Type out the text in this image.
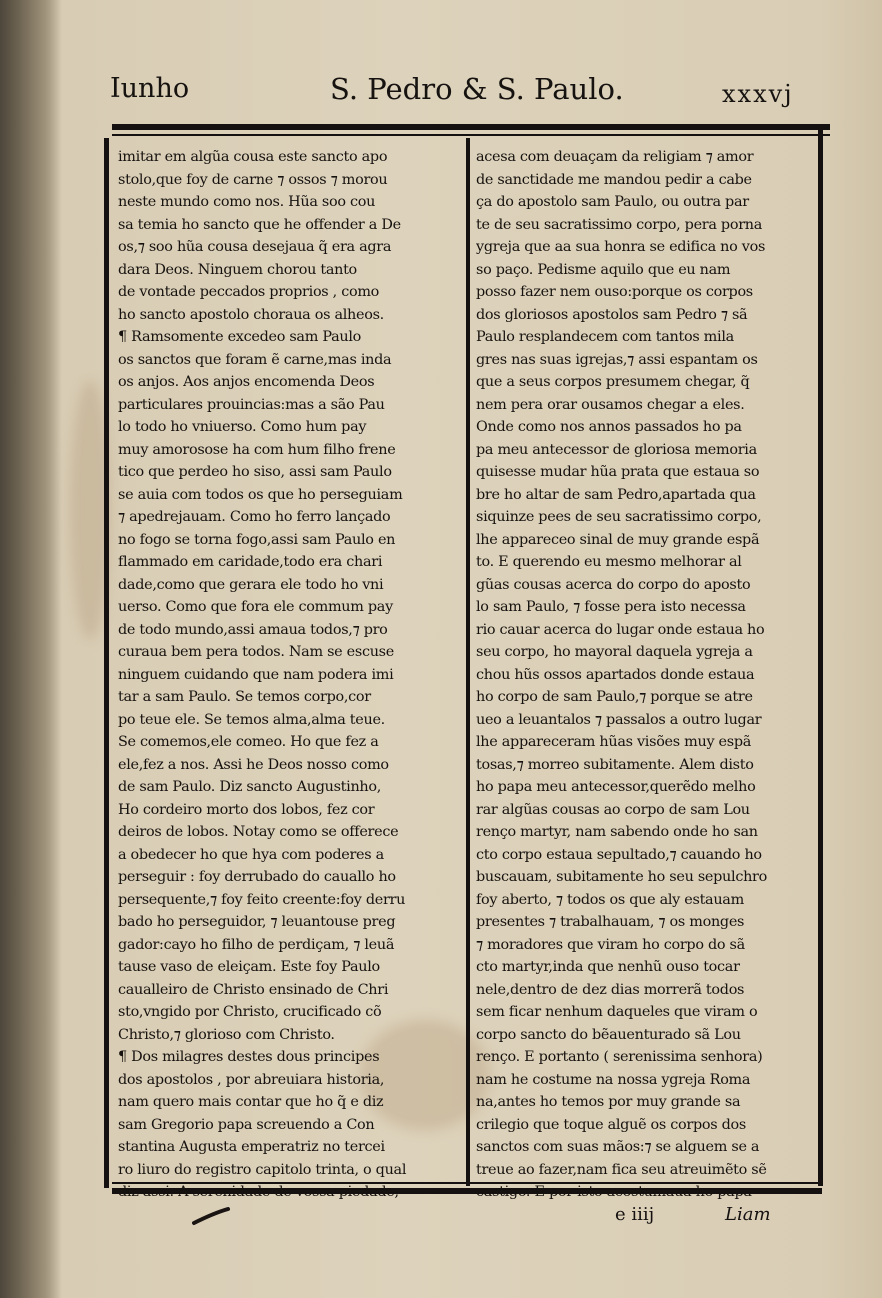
Iunho	S. Pedro & S. Paulo.	xxxvj
imitar em algũa cousa este sancto apo
stolo,que foy de carne ⁊ ossos ⁊ morou
neste mundo como nos. Hũa soo cou
sa temia ho sancto que he offender a De
os,⁊ soo hũa cousa desejaua q̃ era agra
dara Deos. Ninguem chorou tanto
de vontade peccados proprios , como
ho sancto apostolo choraua os alheos.
¶ Ramsomente excedeo sam Paulo
os sanctos que foram ẽ carne,mas inda
os anjos. Aos anjos encomenda Deos
particulares prouincias:mas a são Pau
lo todo ho vniuerso. Como hum pay
muy amorosose ha com hum filho frene
tico que perdeo ho siso, assi sam Paulo
se auia com todos os que ho perseguiam
⁊ apedrejauam. Como ho ferro lançado
no fogo se torna fogo,assi sam Paulo en
flammado em caridade,todo era chari
dade,como que gerara ele todo ho vni
uerso. Como que fora ele commum pay
de todo mundo,assi amaua todos,⁊ pro
curaua bem pera todos. Nam se escuse
ninguem cuidando que nam podera imi
tar a sam Paulo. Se temos corpo,cor
po teue ele. Se temos alma,alma teue.
Se comemos,ele comeo. Ho que fez a
ele,fez a nos. Assi he Deos nosso como
de sam Paulo. Diz sancto Augustinho,
Ho cordeiro morto dos lobos, fez cor
deiros de lobos. Notay como se offerece
a obedecer ho que hya com poderes a
perseguir : foy derrubado do cauallo ho
persequente,⁊ foy feito creente:foy derru
bado ho perseguidor, ⁊ leuantouse preg
gador:cayo ho filho de perdiçam, ⁊ leuã
tause vaso de eleiçam. Este foy Paulo
caualleiro de Christo ensinado de Chri
sto,vngido por Christo, crucificado cõ
Christo,⁊ glorioso com Christo.
¶ Dos milagres destes dous principes
dos apostolos , por abreuiara historia,
nam quero mais contar que ho q̃ e diz
sam Gregorio papa screuendo a Con
stantina Augusta emperatriz no tercei
ro liuro do registro capitolo trinta, o qual
diz assi. A serenidade de vossa piedade,
acesa com deuaçam da religiam ⁊ amor
de sanctidade me mandou pedir a cabe
ça do apostolo sam Paulo, ou outra par
te de seu sacratissimo corpo, pera porna
ygreja que aa sua honra se edifica no vos
so paço. Pedisme aquilo que eu nam
posso fazer nem ouso:porque os corpos
dos gloriosos apostolos sam Pedro ⁊ sã
Paulo resplandecem com tantos mila
gres nas suas igrejas,⁊ assi espantam os
que a seus corpos presumem chegar, q̃
nem pera orar ousamos chegar a eles.
Onde como nos annos passados ho pa
pa meu antecessor de gloriosa memoria
quisesse mudar hũa prata que estaua so
bre ho altar de sam Pedro,apartada qua
siquinze pees de seu sacratissimo corpo,
lhe appareceo sinal de muy grande espã
to. E querendo eu mesmo melhorar al
gũas cousas acerca do corpo do aposto
lo sam Paulo, ⁊ fosse pera isto necessa
rio cauar acerca do lugar onde estaua ho
seu corpo, ho mayoral daquela ygreja a
chou hũs ossos apartados donde estaua
ho corpo de sam Paulo,⁊ porque se atre
ueo a leuantalos ⁊ passalos a outro lugar
lhe appareceram hũas visões muy espã
tosas,⁊ morreo subitamente. Alem disto
ho papa meu antecessor,querẽdo melho
rar algũas cousas ao corpo de sam Lou
renço martyr, nam sabendo onde ho san
cto corpo estaua sepultado,⁊ cauando ho
buscauam, subitamente ho seu sepulchro
foy aberto, ⁊ todos os que aly estauam
presentes ⁊ trabalhauam, ⁊ os monges
⁊ moradores que viram ho corpo do sã
cto martyr,inda que nenhũ ouso tocar
nele,dentro de dez dias morrerã todos
sem ficar nenhum daqueles que viram o
corpo sancto do bẽauenturado sã Lou
renço. E portanto ( serenissima senhora)
nam he costume na nossa ygreja Roma
na,antes ho temos por muy grande sa
crilegio que toque alguẽ os corpos dos
sanctos com suas mãos:⁊ se alguem se a
treue ao fazer,nam fica seu atreuimẽto sẽ
castigo. E por isto acostumaua ho papa
e iiij	Liam
